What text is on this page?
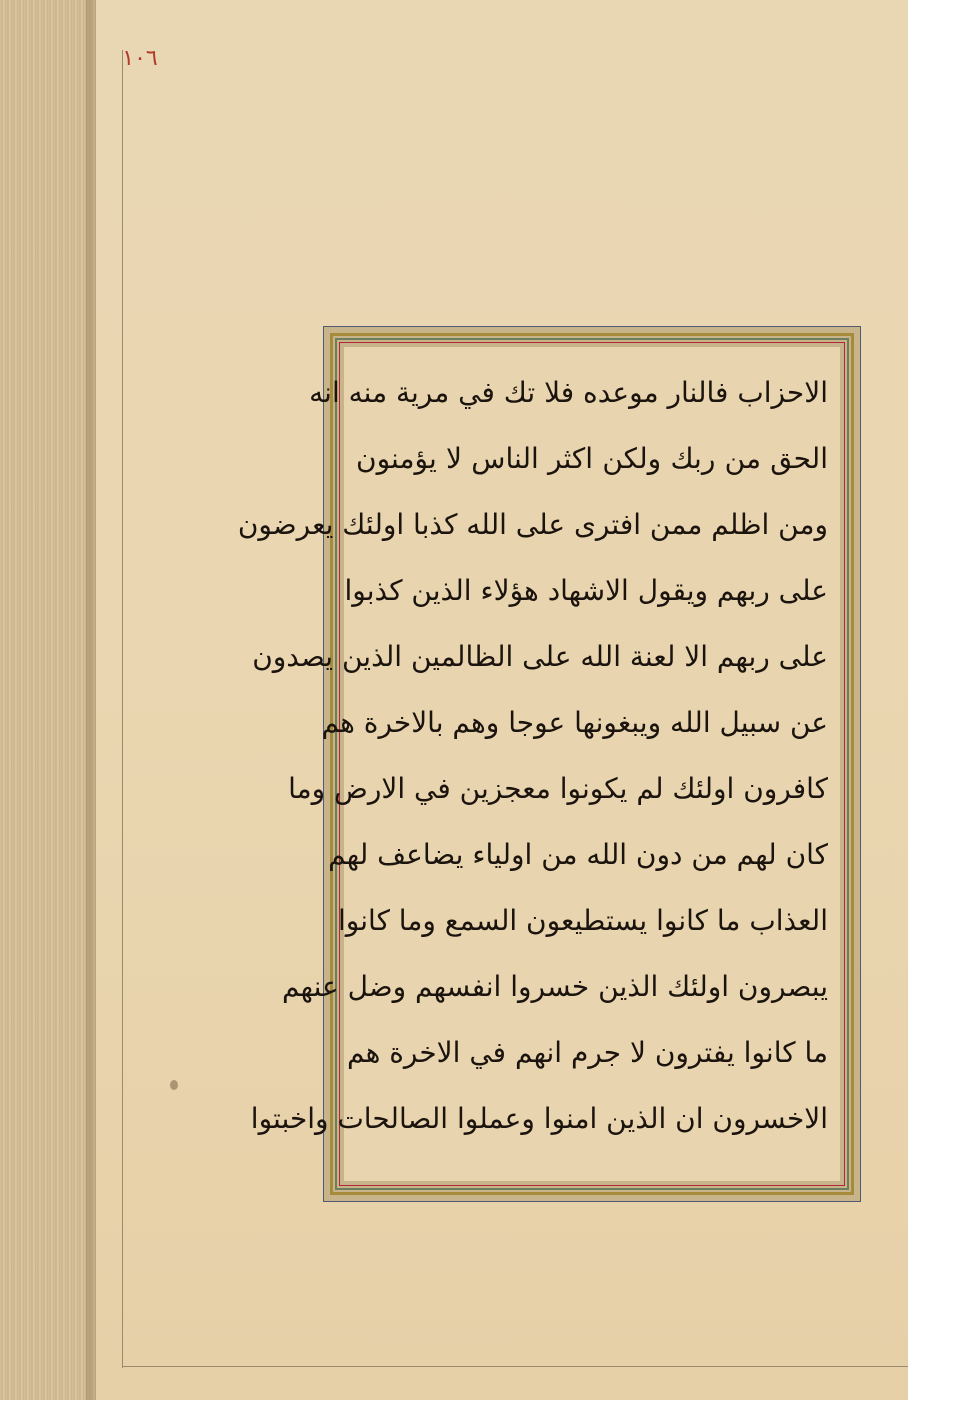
١٠٦
الاحزاب فالنار موعده فلا تك في مرية منه انه
الحق من ربك ولكن اكثر الناس لا يؤمنون
ومن اظلم ممن افترى على الله كذبا اولئك يعرضون
على ربهم ويقول الاشهاد هؤلاء الذين كذبوا
على ربهم الا لعنة الله على الظالمين الذين يصدون
عن سبيل الله ويبغونها عوجا وهم بالاخرة هم
كافرون اولئك لم يكونوا معجزين في الارض وما
كان لهم من دون الله من اولياء يضاعف لهم
العذاب ما كانوا يستطيعون السمع وما كانوا
يبصرون اولئك الذين خسروا انفسهم وضل عنهم
ما كانوا يفترون لا جرم انهم في الاخرة هم
الاخسرون ان الذين امنوا وعملوا الصالحات واخبتوا
